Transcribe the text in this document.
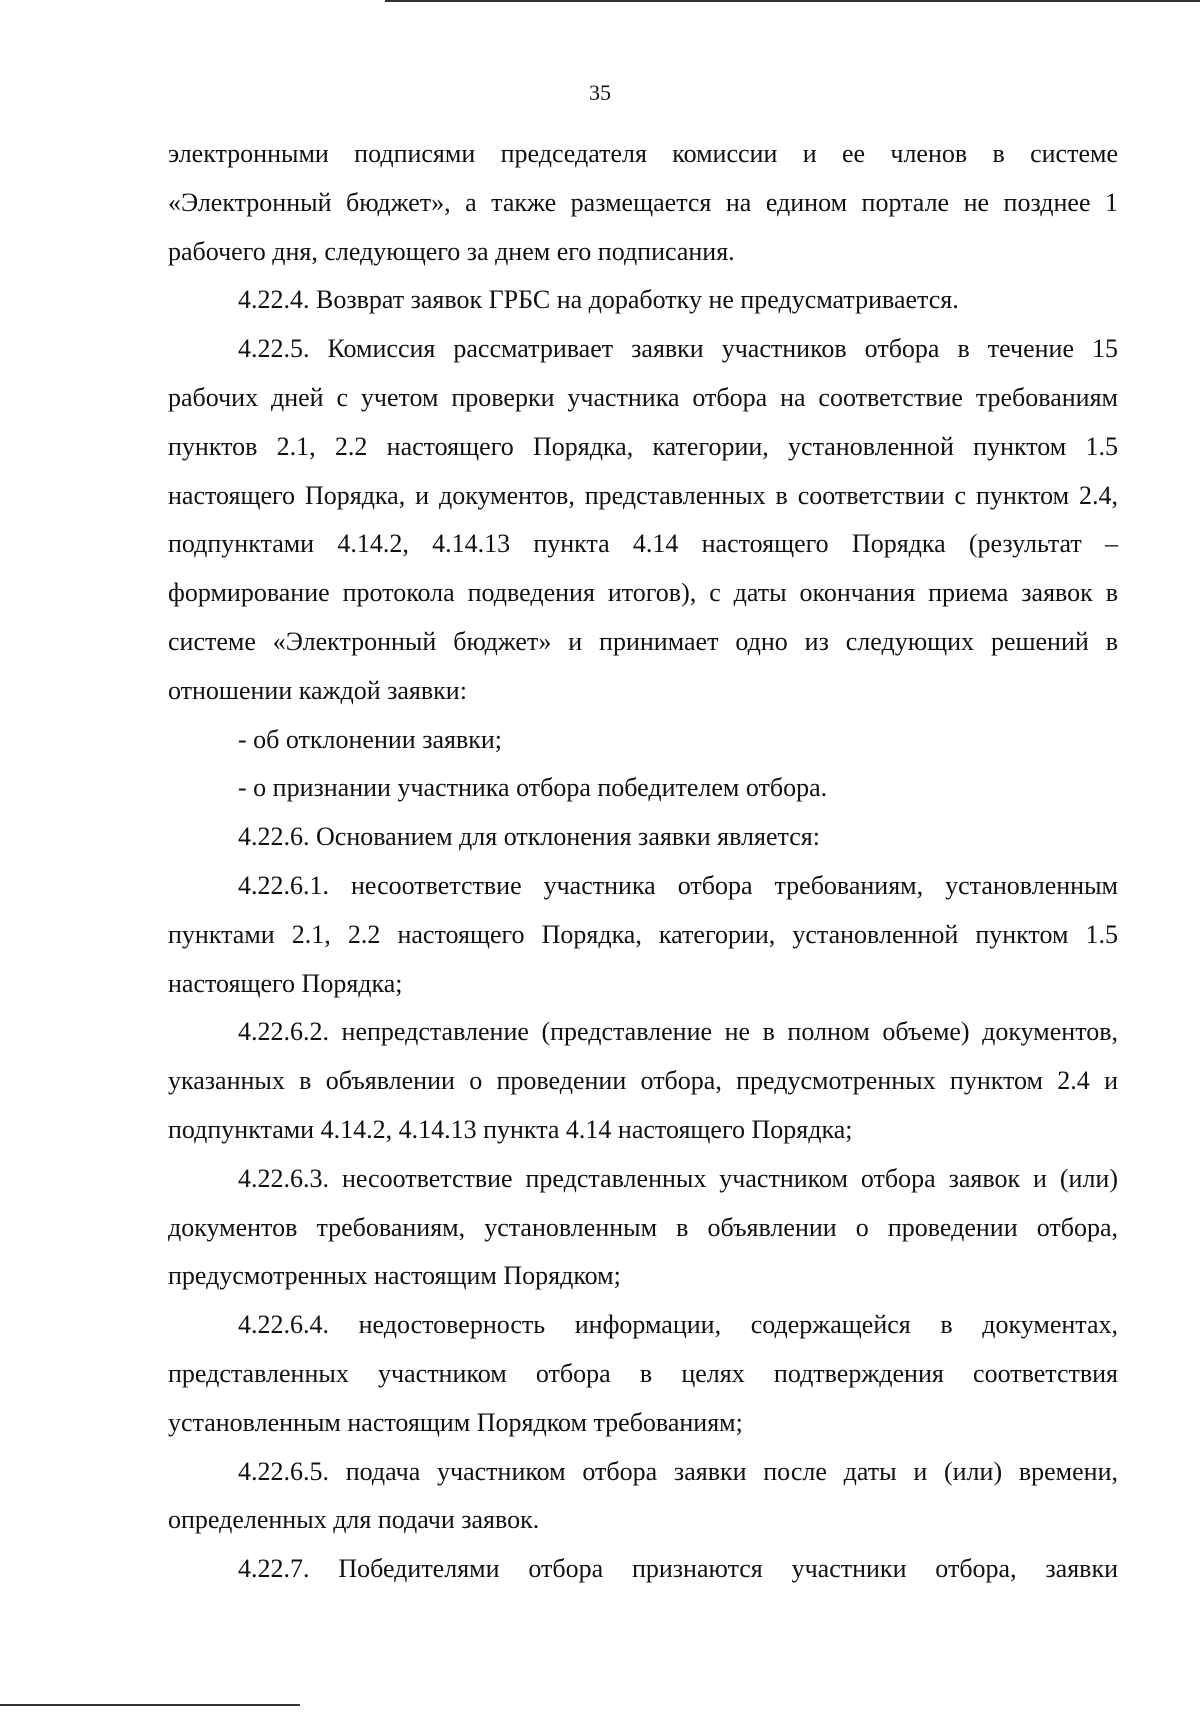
35

электронными подписями председателя комиссии и ее членов в системе «Электронный бюджет», а также размещается на едином портале не позднее 1 рабочего дня, следующего за днем его подписания.

4.22.4. Возврат заявок ГРБС на доработку не предусматривается.

4.22.5. Комиссия рассматривает заявки участников отбора в течение 15 рабочих дней с учетом проверки участника отбора на соответствие требованиям пунктов 2.1, 2.2 настоящего Порядка, категории, установленной пунктом 1.5 настоящего Порядка, и документов, представленных в соответствии с пунктом 2.4, подпунктами 4.14.2, 4.14.13 пункта 4.14 настоящего Порядка (результат – формирование протокола подведения итогов), с даты окончания приема заявок в системе «Электронный бюджет» и принимает одно из следующих решений в отношении каждой заявки:

- об отклонении заявки;

- о признании участника отбора победителем отбора.

4.22.6. Основанием для отклонения заявки является:

4.22.6.1. несоответствие участника отбора требованиям, установленным пунктами 2.1, 2.2 настоящего Порядка, категории, установленной пунктом 1.5 настоящего Порядка;

4.22.6.2. непредставление (представление не в полном объеме) документов, указанных в объявлении о проведении отбора, предусмотренных пунктом 2.4 и подпунктами 4.14.2, 4.14.13 пункта 4.14 настоящего Порядка;

4.22.6.3. несоответствие представленных участником отбора заявок и (или) документов требованиям, установленным в объявлении о проведении отбора, предусмотренных настоящим Порядком;

4.22.6.4. недостоверность информации, содержащейся в документах, представленных участником отбора в целях подтверждения соответствия установленным настоящим Порядком требованиям;

4.22.6.5. подача участником отбора заявки после даты и (или) времени, определенных для подачи заявок.

4.22.7. Победителями отбора признаются участники отбора, заявки
